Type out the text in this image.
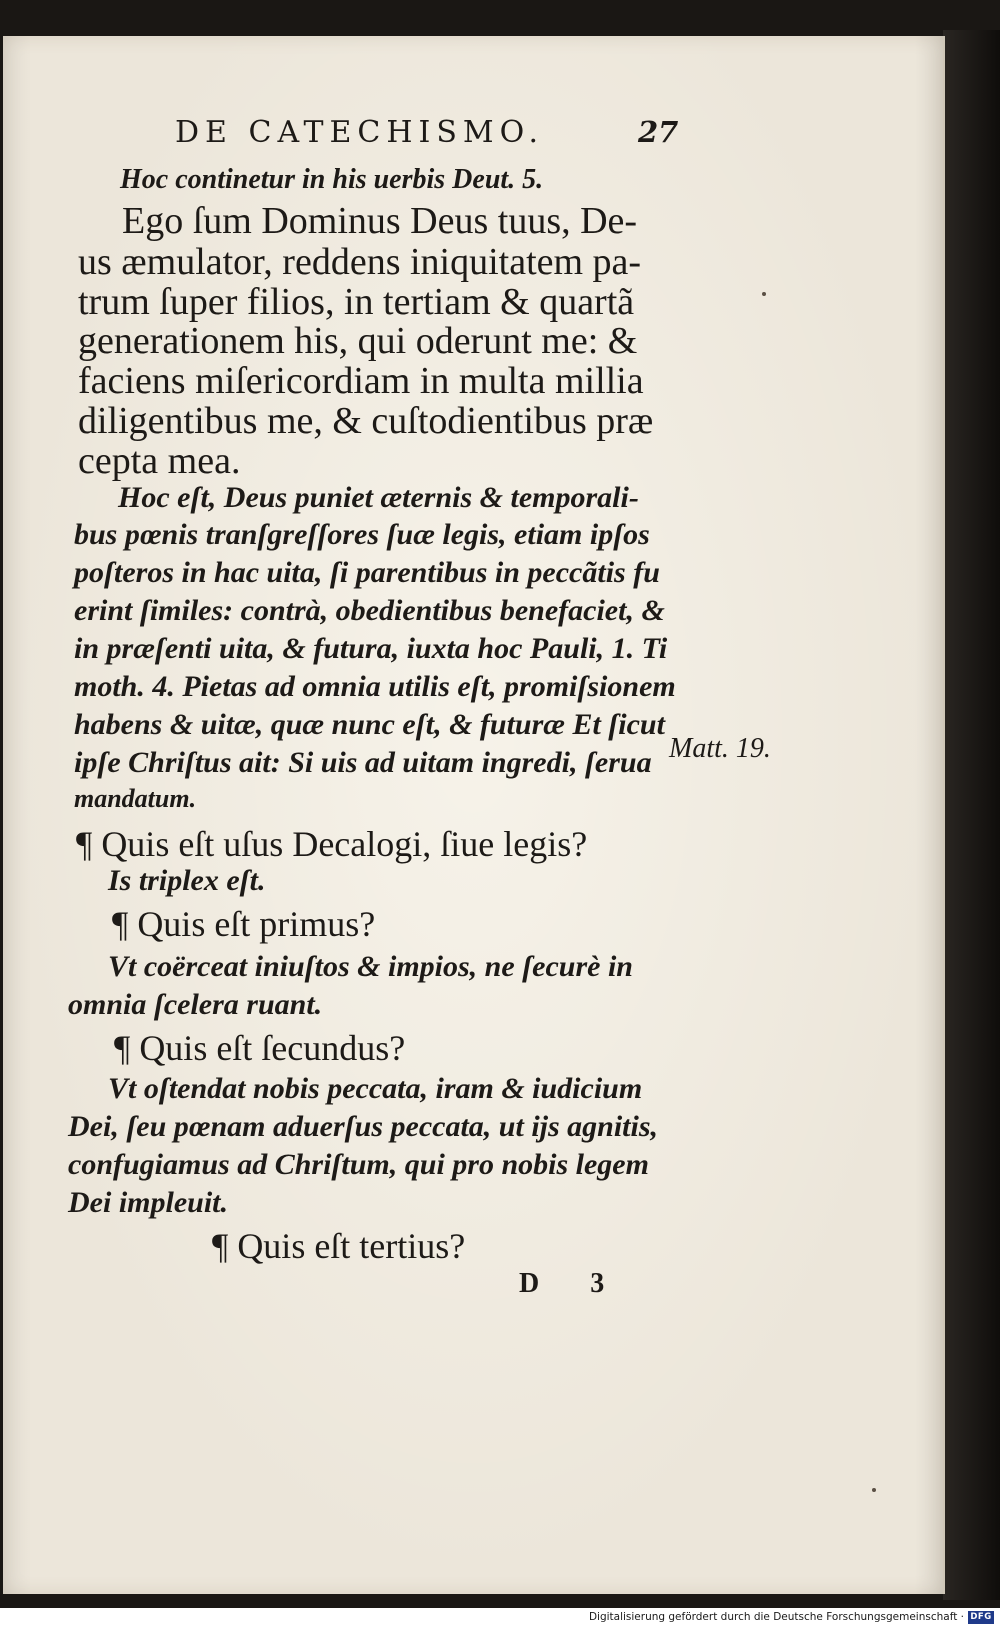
DE CATECHISMO.	27
Hoc continetur in his uerbis Deut. 5.
Ego ſum Dominus Deus tuus, De-
us æmulator, reddens iniquitatem pa-
trum ſuper filios, in tertiam & quartã
generationem his, qui oderunt me: &
faciens miſericordiam in multa millia
diligentibus me, & cuſtodientibus præ
cepta mea.
Hoc eſt, Deus puniet æternis & temporali-
bus pœnis tranſgreſſores ſuæ legis, etiam ipſos
poſteros in hac uita, ſi parentibus in peccãtis fu
erint ſimiles: contrà, obedientibus benefaciet, &
in præſenti uita, & futura, iuxta hoc Pauli, 1. Ti
moth. 4. Pietas ad omnia utilis eſt, promiſsionem
habens & uitæ, quæ nunc eſt, & futuræ Et ſicut
ipſe Chriſtus ait: Si uis ad uitam ingredi, ſerua
mandatum.
Matt. 19.
¶ Quis eſt uſus Decalogi, ſiue legis?
Is triplex eſt.
¶ Quis eſt primus?
Vt coërceat iniuſtos & impios, ne ſecurè in
omnia ſcelera ruant.
¶ Quis eſt ſecundus?
Vt oſtendat nobis peccata, iram & iudicium
Dei, ſeu pœnam aduerſus peccata, ut ijs agnitis,
confugiamus ad Chriſtum, qui pro nobis legem
Dei impleuit.
¶ Quis eſt tertius?
D 3
Digitalisierung gefördert durch die Deutsche Forschungsgemeinschaft · DFG
